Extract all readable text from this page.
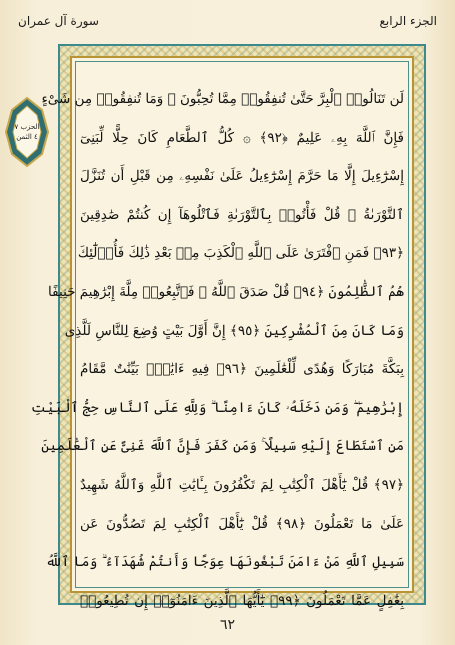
الجزء الرابع
سورة آل عمران
الحزب ٧
٤ الثمن
لَن تَنَالُوا۟ ٱلْبِرَّ حَتَّىٰ تُنفِقُوا۟ مِمَّا تُحِبُّونَ ۚ وَمَا تُنفِقُوا۟ مِن شَىْءٍ
فَإِنَّ ٱللَّهَ بِهِۦ عَلِيمٌ ﴿٩٢﴾ ۞ كُلُّ ٱلطَّعَامِ كَانَ حِلًّا لِّبَنِىٓ
إِسْرَٰٓءِيلَ إِلَّا مَا حَرَّمَ إِسْرَٰٓءِيلُ عَلَىٰ نَفْسِهِۦ مِن قَبْلِ أَن تُنَزَّلَ
ٱلتَّوْرَىٰةُ ۗ قُلْ فَأْتُوا۟ بِٱلتَّوْرَىٰةِ فَٱتْلُوهَآ إِن كُنتُمْ صَٰدِقِينَ
﴿٩٣﴾ فَمَنِ ٱفْتَرَىٰ عَلَى ٱللَّهِ ٱلْكَذِبَ مِنۢ بَعْدِ ذَٰلِكَ فَأُو۟لَٰٓئِكَ
هُمُ ٱلظَّٰلِمُونَ ﴿٩٤﴾ قُلْ صَدَقَ ٱللَّهُ ۗ فَٱتَّبِعُوا۟ مِلَّةَ إِبْرَٰهِيمَ حَنِيفًا
وَمَا كَانَ مِنَ ٱلْمُشْرِكِينَ ﴿٩٥﴾ إِنَّ أَوَّلَ بَيْتٍ وُضِعَ لِلنَّاسِ لَلَّذِى
بِبَكَّةَ مُبَارَكًا وَهُدًى لِّلْعَٰلَمِينَ ﴿٩٦﴾ فِيهِ ءَايَٰتٌۢ بَيِّنَٰتٌ مَّقَامُ
إِبْرَٰهِيمَ ۖ وَمَن دَخَلَهُۥ كَانَ ءَامِنًا ۗ وَلِلَّهِ عَلَى ٱلنَّاسِ حِجُّ ٱلْبَيْتِ
مَنِ ٱسْتَطَاعَ إِلَيْهِ سَبِيلًا ۚ وَمَن كَفَرَ فَإِنَّ ٱللَّهَ غَنِىٌّ عَنِ ٱلْعَٰلَمِينَ
﴿٩٧﴾ قُلْ يَٰٓأَهْلَ ٱلْكِتَٰبِ لِمَ تَكْفُرُونَ بِـَٔايَٰتِ ٱللَّهِ وَٱللَّهُ شَهِيدٌ
عَلَىٰ مَا تَعْمَلُونَ ﴿٩٨﴾ قُلْ يَٰٓأَهْلَ ٱلْكِتَٰبِ لِمَ تَصُدُّونَ عَن
سَبِيلِ ٱللَّهِ مَنْ ءَامَنَ تَبْغُونَهَا عِوَجًا وَأَنتُمْ شُهَدَآءُ ۗ وَمَا ٱللَّهُ
بِغَٰفِلٍ عَمَّا تَعْمَلُونَ ﴿٩٩﴾ يَٰٓأَيُّهَا ٱلَّذِينَ ءَامَنُوٓا۟ إِن تُطِيعُوا۟
٦٢
